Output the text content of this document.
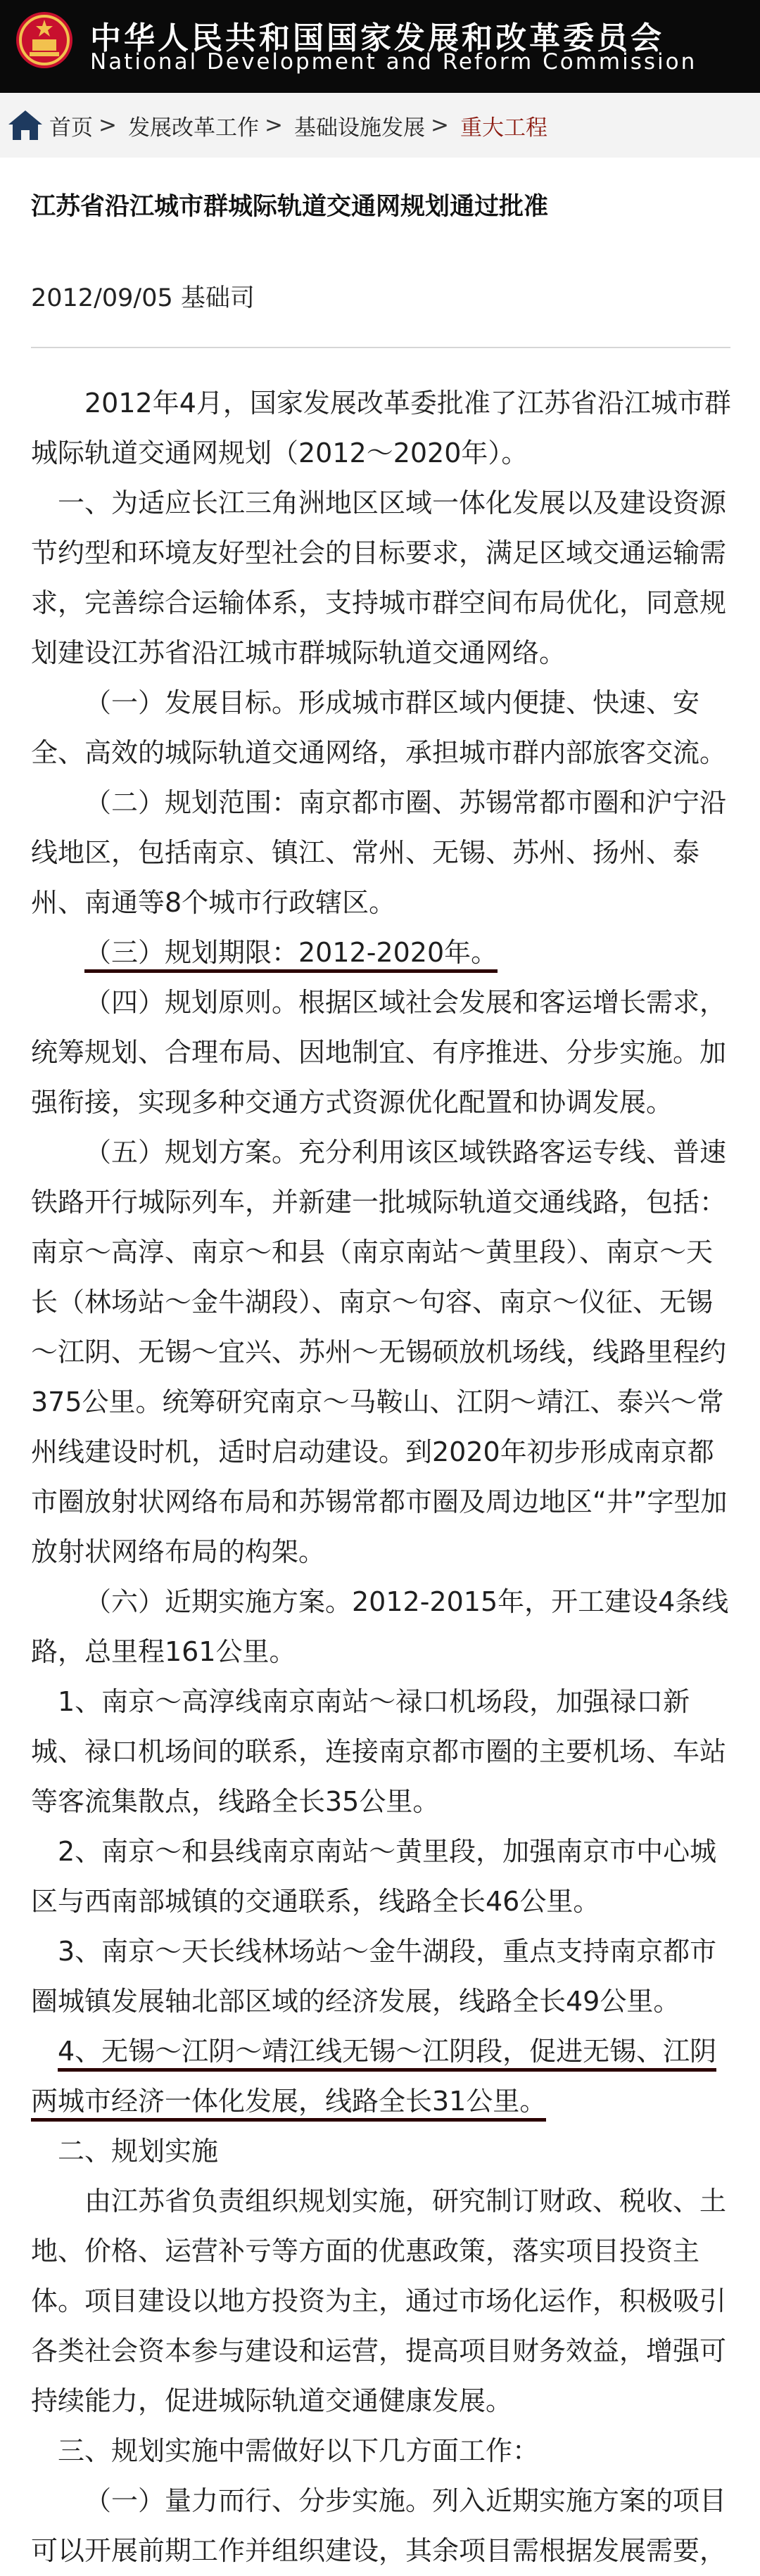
中华人民共和国国家发展和改革委员会
National Development and Reform Commission
首页 > 发展改革工作 > 基础设施发展 > 重大工程
江苏省沿江城市群城际轨道交通网规划通过批准
2012/09/05 基础司

2012年4月，国家发展改革委批准了江苏省沿江城市群城际轨道交通网规划（2012～2020年）。

一、为适应长江三角洲地区区域一体化发展以及建设资源节约型和环境友好型社会的目标要求，满足区域交通运输需求，完善综合运输体系，支持城市群空间布局优化，同意规划建设江苏省沿江城市群城际轨道交通网络。

（一）发展目标。形成城市群区域内便捷、快速、安全、高效的城际轨道交通网络，承担城市群内部旅客交流。

（二）规划范围：南京都市圈、苏锡常都市圈和沪宁沿线地区，包括南京、镇江、常州、无锡、苏州、扬州、泰州、南通等8个城市行政辖区。

（三）规划期限：2012-2020年。

（四）规划原则。根据区域社会发展和客运增长需求，统筹规划、合理布局、因地制宜、有序推进、分步实施。加强衔接，实现多种交通方式资源优化配置和协调发展。

（五）规划方案。充分利用该区域铁路客运专线、普速铁路开行城际列车，并新建一批城际轨道交通线路，包括：南京～高淳、南京～和县（南京南站～黄里段）、南京～天长（林场站～金牛湖段）、南京～句容、南京～仪征、无锡～江阴、无锡～宜兴、苏州～无锡硕放机场线，线路里程约375公里。统筹研究南京～马鞍山、江阴～靖江、泰兴～常州线建设时机，适时启动建设。到2020年初步形成南京都市圈放射状网络布局和苏锡常都市圈及周边地区“井”字型加放射状网络布局的构架。

（六）近期实施方案。2012-2015年，开工建设4条线路，总里程161公里。

1、南京～高淳线南京南站～禄口机场段，加强禄口新城、禄口机场间的联系，连接南京都市圈的主要机场、车站等客流集散点，线路全长35公里。

2、南京～和县线南京南站～黄里段，加强南京市中心城区与西南部城镇的交通联系，线路全长46公里。

3、南京～天长线林场站～金牛湖段，重点支持南京都市圈城镇发展轴北部区域的经济发展，线路全长49公里。

4、无锡～江阴～靖江线无锡～江阴段，促进无锡、江阴两城市经济一体化发展，线路全长31公里。

二、规划实施

由江苏省负责组织规划实施，研究制订财政、税收、土地、价格、运营补亏等方面的优惠政策，落实项目投资主体。项目建设以地方投资为主，通过市场化运作，积极吸引各类社会资本参与建设和运营，提高项目财务效益，增强可持续能力，促进城际轨道交通健康发展。

三、规划实施中需做好以下几方面工作：

（一）量力而行、分步实施。列入近期实施方案的项目可以开展前期工作并组织建设，其余项目需根据发展需要，
